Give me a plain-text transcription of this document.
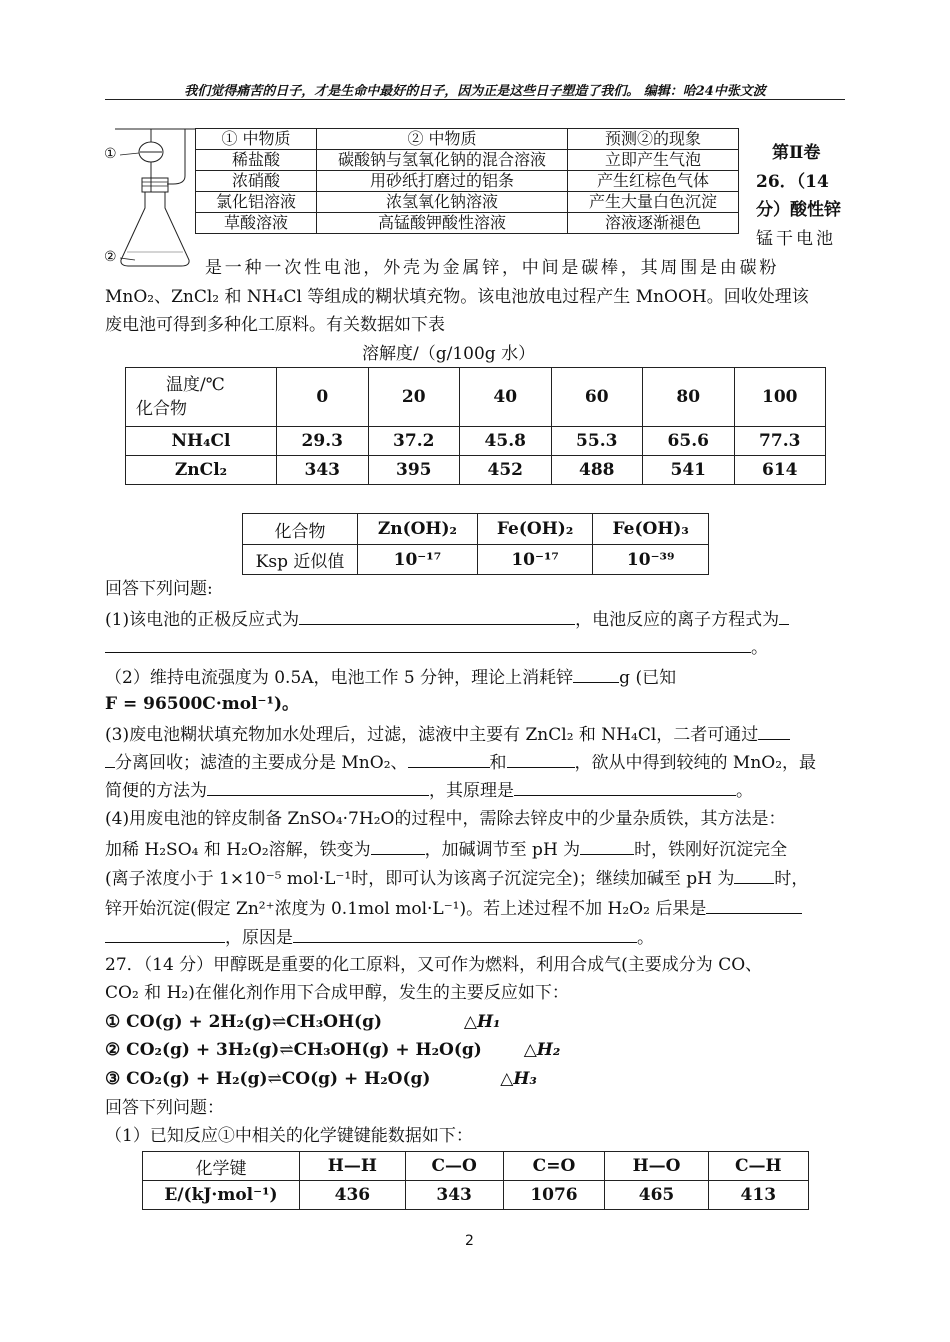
我们觉得痛苦的日子，才是生命中最好的日子，因为正是这些日子塑造了我们。 编辑：哈24中张文波
①
②
① 中物质	② 中物质	预测②的现象
稀盐酸	碳酸钠与氢氧化钠的混合溶液	立即产生气泡
浓硝酸	用砂纸打磨过的铝条	产生红棕色气体
氯化铝溶液	浓氢氧化钠溶液	产生大量白色沉淀
草酸溶液	高锰酸钾酸性溶液	溶液逐渐褪色
第Ⅱ卷
26．（14
分）酸性锌
锰干电池
是一种一次性电池，外壳为金属锌，中间是碳棒，其周围是由碳粉
MnO₂、ZnCl₂ 和 NH₄Cl 等组成的糊状填充物。该电池放电过程产生 MnOOH。回收处理该
废电池可得到多种化工原料。有关数据如下表
溶解度/（g/100g 水）
温度/℃
化合物	0	20	40	60	80	100
NH₄Cl	29.3	37.2	45.8	55.3	65.6	77.3
ZnCl₂	343	395	452	488	541	614
化合物	Zn(OH)₂	Fe(OH)₂	Fe(OH)₃
Ksp 近似值	10⁻¹⁷	10⁻¹⁷	10⁻³⁹
回答下列问题:
(1)该电池的正极反应式为	，电池反应的离子方程式为
。
（2）维持电流强度为 0.5A，电池工作 5 分钟，理论上消耗锌	g (已知
F = 96500C·mol⁻¹)。
(3)废电池糊状填充物加水处理后，过滤，滤液中主要有 ZnCl₂ 和 NH₄Cl，二者可通过
分离回收；滤渣的主要成分是 MnO₂、	和	，欲从中得到较纯的 MnO₂，最
简便的方法为	，其原理是	。
(4)用废电池的锌皮制备 ZnSO₄·7H₂O的过程中，需除去锌皮中的少量杂质铁，其方法是：
加稀 H₂SO₄ 和 H₂O₂溶解，铁变为	，加碱调节至 pH 为	时，铁刚好沉淀完全
(离子浓度小于 1×10⁻⁵ mol·L⁻¹时，即可认为该离子沉淀完全)；继续加碱至 pH 为 时，
锌开始沉淀(假定 Zn²⁺浓度为 0.1mol mol·L⁻¹)。若上述过程不加 H₂O₂ 后果是
，原因是	。
27．（14 分）甲醇既是重要的化工原料，又可作为燃料，利用合成气(主要成分为 CO、
CO₂ 和 H₂)在催化剂作用下合成甲醇，发生的主要反应如下：
① CO(g) + 2H₂(g)⇌CH₃OH(g)	△H₁
② CO₂(g) + 3H₂(g)⇌CH₃OH(g) + H₂O(g) △H₂
③ CO₂(g) + H₂(g)⇌CO(g) + H₂O(g)	△H₃
回答下列问题：
（1）已知反应①中相关的化学键键能数据如下：
化学键	H—H	C—O	C=O	H—O	C—H
E/(kJ·mol⁻¹)	436	343	1076	465	413
2
